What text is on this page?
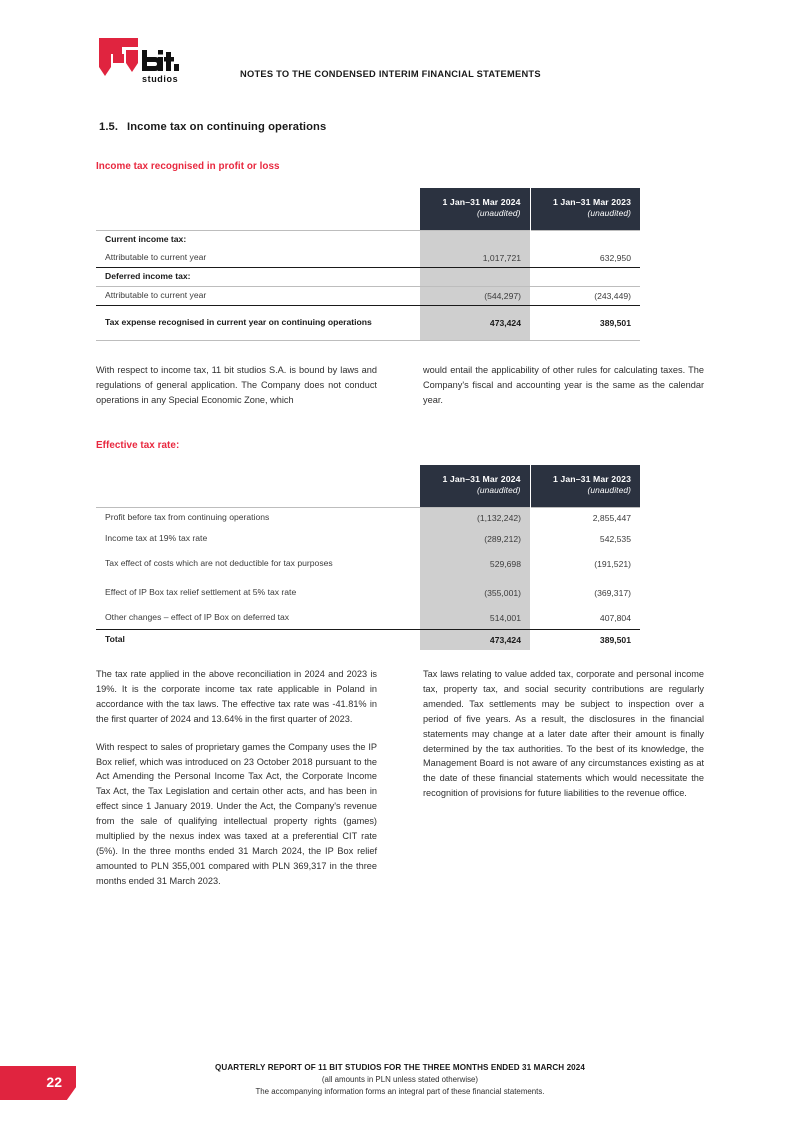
studios	NOTES TO THE CONDENSED INTERIM FINANCIAL STATEMENTS
1.5. Income tax on continuing operations
Income tax recognised in profit or loss
	1 Jan–31 Mar 2024
(unaudited)	1 Jan–31 Mar 2023
(unaudited)

Current income tax:		
Attributable to current year	1,017,721	632,950
Deferred income tax:		
Attributable to current year	(544,297)	(243,449)
Tax expense recognised in current year on continuing operations	473,424	389,501

With respect to income tax, 11 bit studios S.A. is bound by laws and regulations of general application. The Company does not conduct operations in any Special Economic Zone, which

would entail the applicability of other rules for calculating taxes. The Company's fiscal and accounting year is the same as the calendar year.

Effective tax rate:
	1 Jan–31 Mar 2024
(unaudited)	1 Jan–31 Mar 2023
(unaudited)

Profit before tax from continuing operations	(1,132,242)	2,855,447
Income tax at 19% tax rate	(289,212)	542,535
Tax effect of costs which are not deductible for tax purposes	529,698	(191,521)
Effect of IP Box tax relief settlement at 5% tax rate	(355,001)	(369,317)
Other changes – effect of IP Box on deferred tax	514,001	407,804
Total	473,424	389,501

The tax rate applied in the above reconciliation in 2024 and 2023 is 19%. It is the corporate income tax rate applicable in Poland in accordance with the tax laws. The effective tax rate was -41.81% in the first quarter of 2024 and 13.64% in the first quarter of 2023.

With respect to sales of proprietary games the Company uses the IP Box relief, which was introduced on 23 October 2018 pursuant to the Act Amending the Personal Income Tax Act, the Corporate Income Tax Act, the Tax Legislation and certain other acts, and has been in effect since 1 January 2019. Under the Act, the Company's revenue from the sale of qualifying intellectual property rights (games) multiplied by the nexus index was taxed at a preferential CIT rate (5%). In the three months ended 31 March 2024, the IP Box relief amounted to PLN 355,001 compared with PLN 369,317 in the three months ended 31 March 2023.

Tax laws relating to value added tax, corporate and personal income tax, property tax, and social security contributions are regularly amended. Tax settlements may be subject to inspection over a period of five years. As a result, the disclosures in the financial statements may change at a later date after their amount is finally determined by the tax authorities. To the best of its knowledge, the Management Board is not aware of any circumstances existing as at the date of these financial statements which would necessitate the recognition of provisions for future liabilities to the revenue office.

22
QUARTERLY REPORT OF 11 BIT STUDIOS FOR THE THREE MONTHS ENDED 31 MARCH 2024
(all amounts in PLN unless stated otherwise)
The accompanying information forms an integral part of these financial statements.
